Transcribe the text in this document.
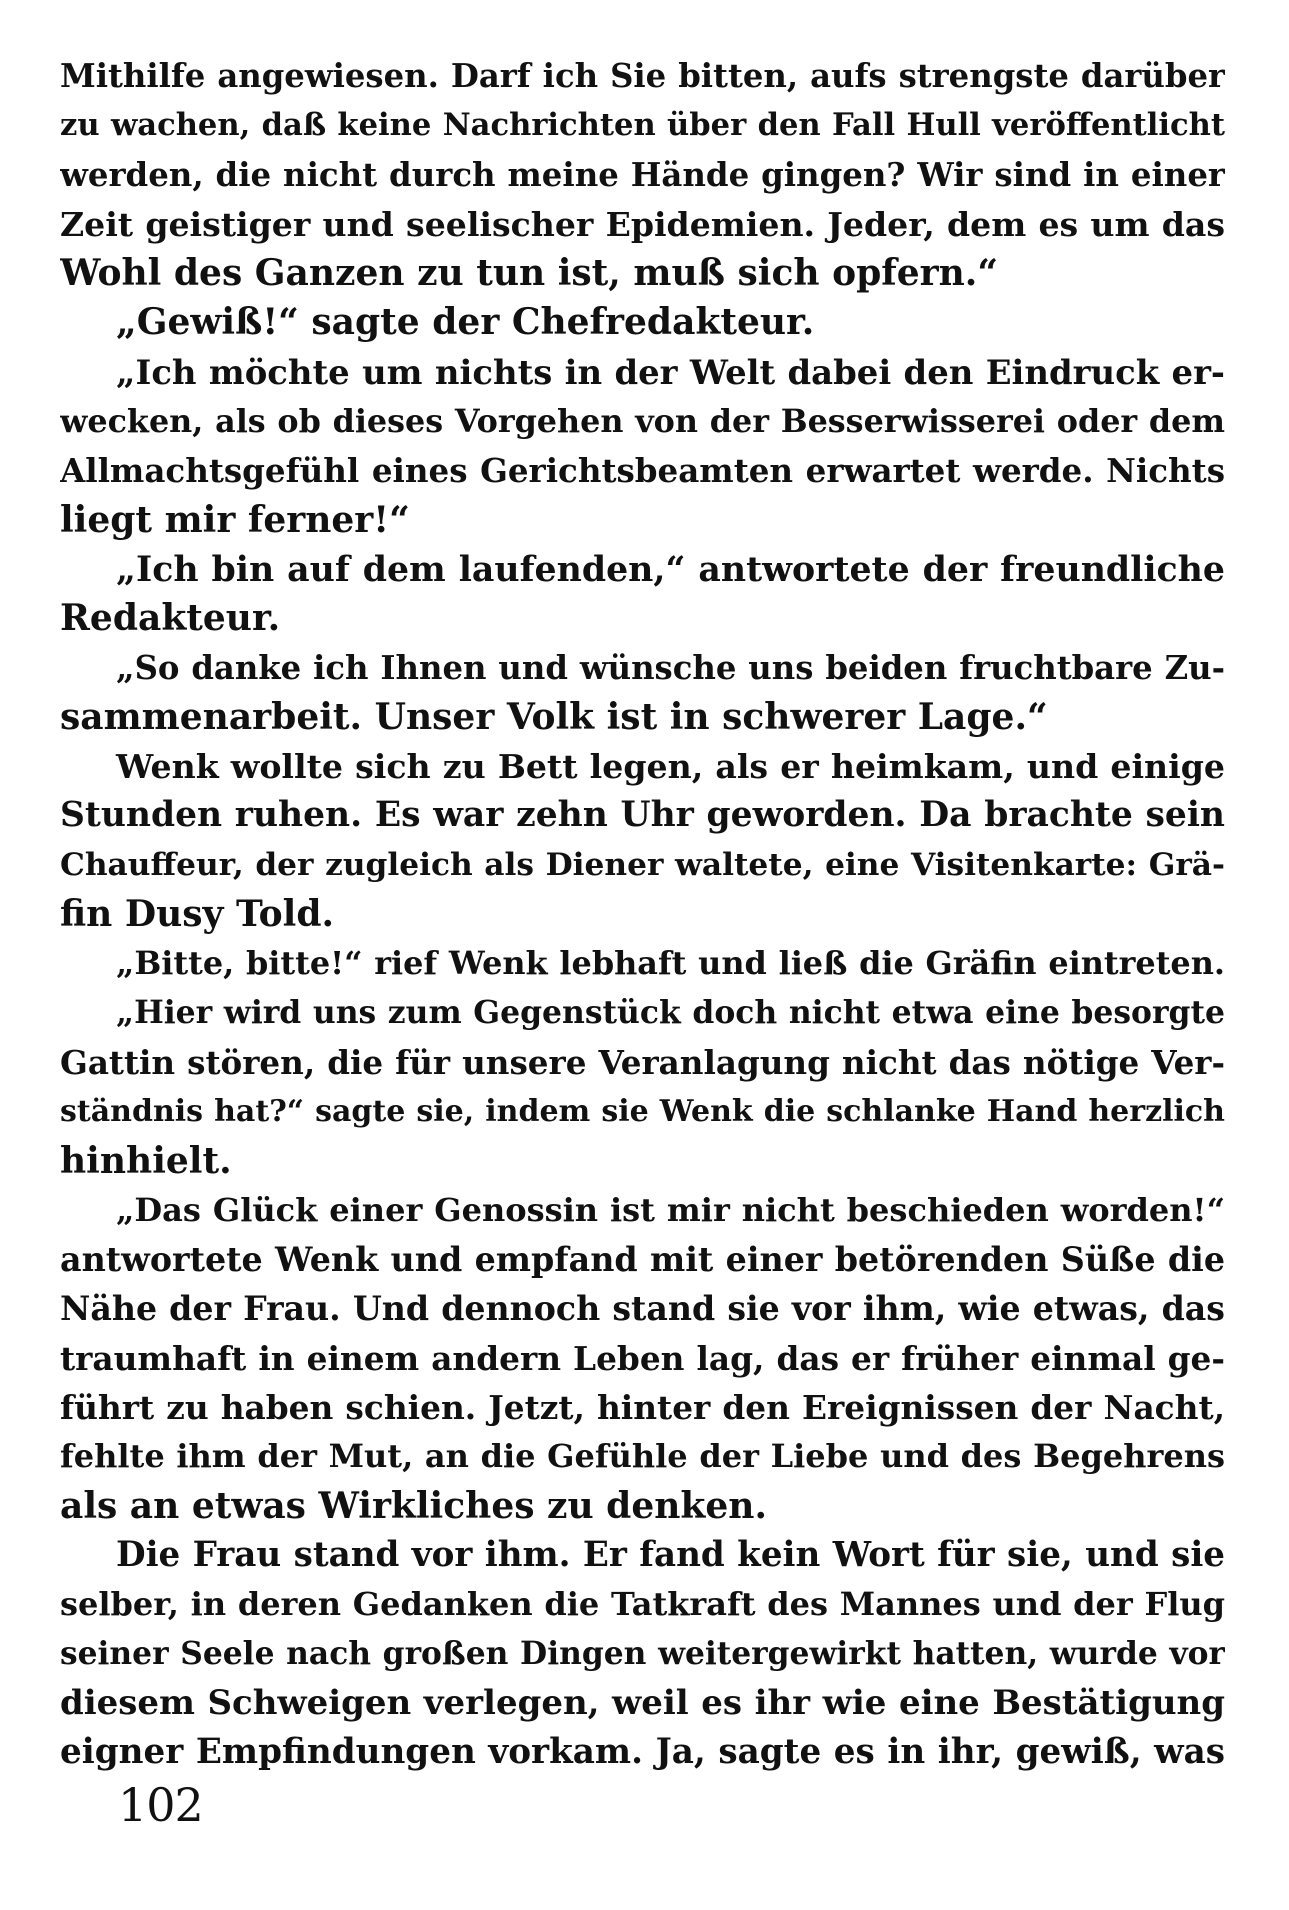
Mithilfe angewiesen. Darf ich Sie bitten, aufs strengste darüber
zu wachen, daß keine Nachrichten über den Fall Hull veröffentlicht
werden, die nicht durch meine Hände gingen? Wir sind in einer
Zeit geistiger und seelischer Epidemien. Jeder, dem es um das
Wohl des Ganzen zu tun ist, muß sich opfern.“
„Gewiß!“ sagte der Chefredakteur.
„Ich möchte um nichts in der Welt dabei den Eindruck er-
wecken, als ob dieses Vorgehen von der Besserwisserei oder dem
Allmachtsgefühl eines Gerichtsbeamten erwartet werde. Nichts
liegt mir ferner!“
„Ich bin auf dem laufenden,“ antwortete der freundliche
Redakteur.
„So danke ich Ihnen und wünsche uns beiden fruchtbare Zu-
sammenarbeit. Unser Volk ist in schwerer Lage.“
Wenk wollte sich zu Bett legen, als er heimkam, und einige
Stunden ruhen. Es war zehn Uhr geworden. Da brachte sein
Chauffeur, der zugleich als Diener waltete, eine Visitenkarte: Grä-
fin Dusy Told.
„Bitte, bitte!“ rief Wenk lebhaft und ließ die Gräfin eintreten.
„Hier wird uns zum Gegenstück doch nicht etwa eine besorgte
Gattin stören, die für unsere Veranlagung nicht das nötige Ver-
ständnis hat?“ sagte sie, indem sie Wenk die schlanke Hand herzlich
hinhielt.
„Das Glück einer Genossin ist mir nicht beschieden worden!“
antwortete Wenk und empfand mit einer betörenden Süße die
Nähe der Frau. Und dennoch stand sie vor ihm, wie etwas, das
traumhaft in einem andern Leben lag, das er früher einmal ge-
führt zu haben schien. Jetzt, hinter den Ereignissen der Nacht,
fehlte ihm der Mut, an die Gefühle der Liebe und des Begehrens
als an etwas Wirkliches zu denken.
Die Frau stand vor ihm. Er fand kein Wort für sie, und sie
selber, in deren Gedanken die Tatkraft des Mannes und der Flug
seiner Seele nach großen Dingen weitergewirkt hatten, wurde vor
diesem Schweigen verlegen, weil es ihr wie eine Bestätigung
eigner Empfindungen vorkam. Ja, sagte es in ihr, gewiß, was
102
